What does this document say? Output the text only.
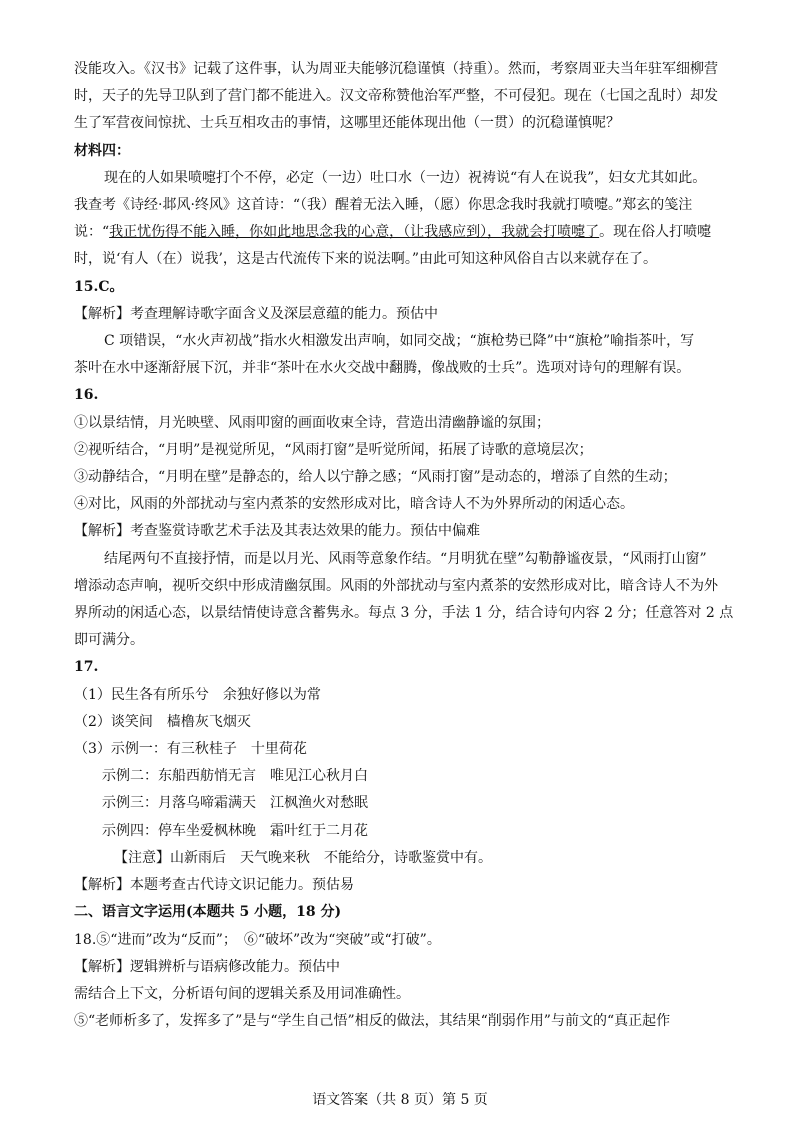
没能攻入。《汉书》记载了这件事，认为周亚夫能够沉稳谨慎（持重）。然而，考察周亚夫当年驻军细柳营

时，天子的先导卫队到了营门都不能进入。汉文帝称赞他治军严整，不可侵犯。现在（七国之乱时）却发

生了军营夜间惊扰、士兵互相攻击的事情，这哪里还能体现出他（一贯）的沉稳谨慎呢？

材料四：

现在的人如果喷嚏打个不停，必定（一边）吐口水（一边）祝祷说“有人在说我”，妇女尤其如此。

我查考《诗经·邶风·终风》这首诗：“（我）醒着无法入睡，（愿）你思念我时我就打喷嚏。”郑玄的笺注

说：“我正忧伤得不能入睡，你如此地思念我的心意，（让我感应到），我就会打喷嚏了。现在俗人打喷嚏

时，说‘有人（在）说我’，这是古代流传下来的说法啊。”由此可知这种风俗自古以来就存在了。

15.C。

【解析】考查理解诗歌字面含义及深层意蕴的能力。预估中

C 项错误，“水火声初战”指水火相激发出声响，如同交战；“旗枪势已降”中“旗枪”喻指茶叶，写

茶叶在水中逐渐舒展下沉，并非“茶叶在水火交战中翻腾，像战败的士兵”。选项对诗句的理解有误。

16.

①以景结情，月光映壁、风雨叩窗的画面收束全诗，营造出清幽静谧的氛围；

②视听结合，“月明”是视觉所见，“风雨打窗”是听觉所闻，拓展了诗歌的意境层次；

③动静结合，“月明在壁”是静态的，给人以宁静之感；“风雨打窗”是动态的，增添了自然的生动；

④对比，风雨的外部扰动与室内煮茶的安然形成对比，暗含诗人不为外界所动的闲适心态。

【解析】考查鉴赏诗歌艺术手法及其表达效果的能力。预估中偏难

结尾两句不直接抒情，而是以月光、风雨等意象作结。“月明犹在壁”勾勒静谧夜景，“风雨打山窗”

增添动态声响，视听交织中形成清幽氛围。风雨的外部扰动与室内煮茶的安然形成对比，暗含诗人不为外

界所动的闲适心态，以景结情使诗意含蓄隽永。每点 3 分，手法 1 分，结合诗句内容 2 分；任意答对 2 点

即可满分。

17.

（1）民生各有所乐兮　余独好修以为常

（2）谈笑间　樯橹灰飞烟灭

（3）示例一：有三秋桂子　十里荷花

示例二：东船西舫悄无言　唯见江心秋月白

示例三：月落乌啼霜满天　江枫渔火对愁眠

示例四：停车坐爱枫林晚　霜叶红于二月花

【注意】山新雨后　天气晚来秋　不能给分，诗歌鉴赏中有。

【解析】本题考查古代诗文识记能力。预估易

二、语言文字运用(本题共 5 小题，18 分)

18.⑤“进而”改为“反而”；　⑥“破坏”改为“突破”或“打破”。

【解析】逻辑辨析与语病修改能力。预估中

需结合上下文，分析语句间的逻辑关系及用词准确性。

⑤“老师析多了，发挥多了”是与“学生自己悟”相反的做法，其结果“削弱作用”与前文的“真正起作

语文答案（共 8 页）第 5 页
